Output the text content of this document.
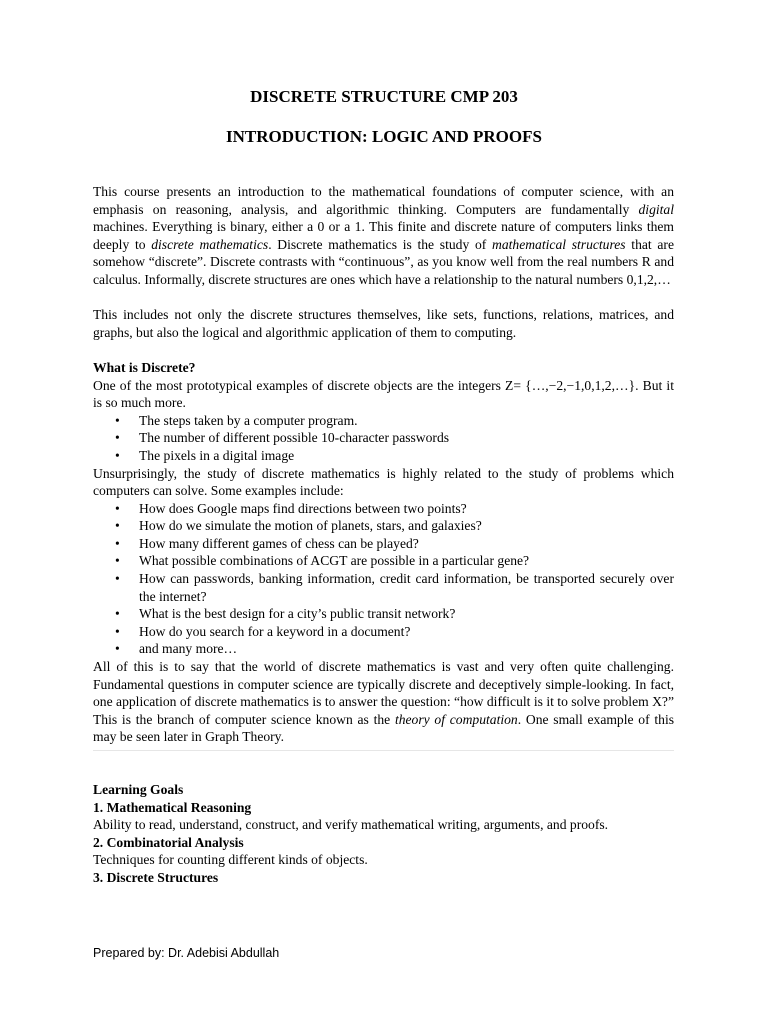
DISCRETE STRUCTURE CMP 203
INTRODUCTION: LOGIC AND PROOFS

This course presents an introduction to the mathematical foundations of computer science, with an emphasis on reasoning, analysis, and algorithmic thinking. Computers are fundamentally digital machines. Everything is binary, either a 0 or a 1. This finite and discrete nature of computers links them deeply to discrete mathematics. Discrete mathematics is the study of mathematical structures that are somehow “discrete”. Discrete contrasts with “continuous”, as you know well from the real numbers R and calculus. Informally, discrete structures are ones which have a relationship to the natural numbers 0,1,2,…

This includes not only the discrete structures themselves, like sets, functions, relations, matrices, and graphs, but also the logical and algorithmic application of them to computing.

What is Discrete?

One of the most prototypical examples of discrete objects are the integers Z= {…,−2,−1,0,1,2,…}. But it is so much more.

• The steps taken by a computer program.
• The number of different possible 10-character passwords
• The pixels in a digital image

Unsurprisingly, the study of discrete mathematics is highly related to the study of problems which computers can solve. Some examples include:

• How does Google maps find directions between two points?
• How do we simulate the motion of planets, stars, and galaxies?
• How many different games of chess can be played?
• What possible combinations of ACGT are possible in a particular gene?
• How can passwords, banking information, credit card information, be transported securely over the internet?
• What is the best design for a city’s public transit network?
• How do you search for a keyword in a document?
• and many more…

All of this is to say that the world of discrete mathematics is vast and very often quite challenging. Fundamental questions in computer science are typically discrete and deceptively simple-looking. In fact, one application of discrete mathematics is to answer the question: “how difficult is it to solve problem X?” This is the branch of computer science known as the theory of computation. One small example of this may be seen later in Graph Theory.

Learning Goals

1. Mathematical Reasoning

Ability to read, understand, construct, and verify mathematical writing, arguments, and proofs.

2. Combinatorial Analysis

Techniques for counting different kinds of objects.

3. Discrete Structures

Prepared by: Dr. Adebisi Abdullah
